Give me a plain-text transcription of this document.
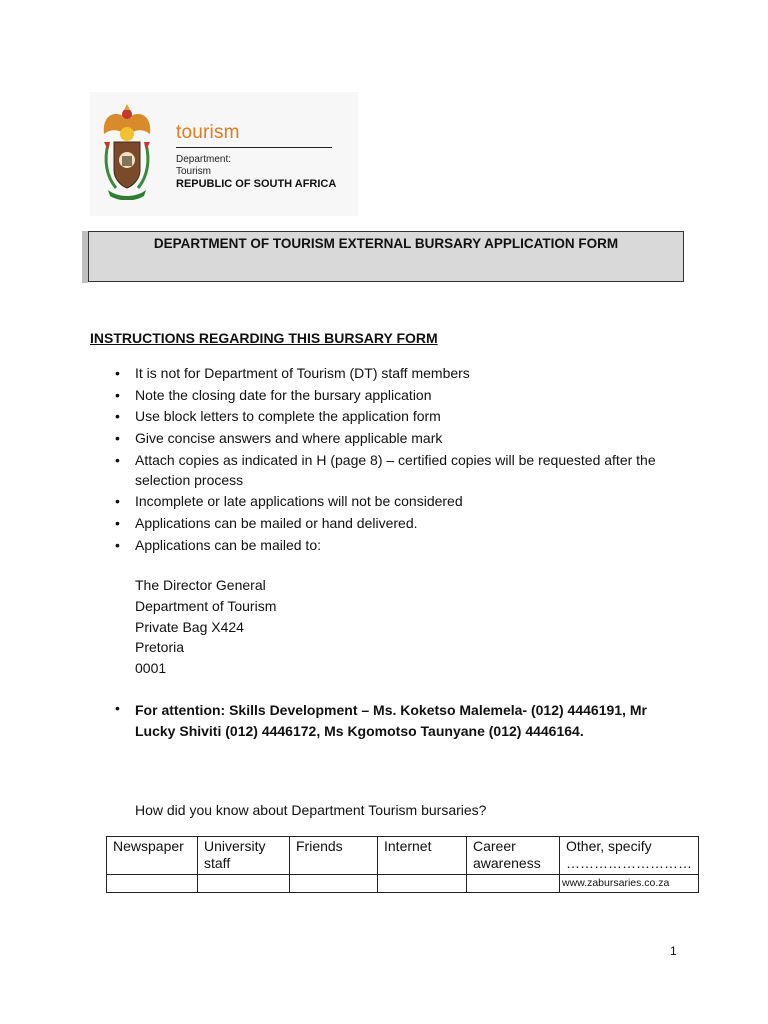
tourism
Department:
Tourism
REPUBLIC OF SOUTH AFRICA
DEPARTMENT OF TOURISM EXTERNAL BURSARY APPLICATION FORM
INSTRUCTIONS REGARDING THIS BURSARY FORM
• It is not for Department of Tourism (DT) staff members
• Note the closing date for the bursary application
• Use block letters to complete the application form
• Give concise answers and where applicable mark
• Attach copies as indicated in H (page 8) – certified copies will be requested after the selection process
• Incomplete or late applications will not be considered
• Applications can be mailed or hand delivered.
• Applications can be mailed to:
The Director General
Department of Tourism
Private Bag X424
Pretoria
0001
• For attention: Skills Development – Ms. Koketso Malemela- (012) 4446191, Mr Lucky Shiviti (012) 4446172, Ms Kgomotso Taunyane (012) 4446164.
How did you know about Department Tourism bursaries?
Newspaper	University staff	Friends	Internet	Career awareness	Other, specify ………………………
					www.zabursaries.co.za
1
